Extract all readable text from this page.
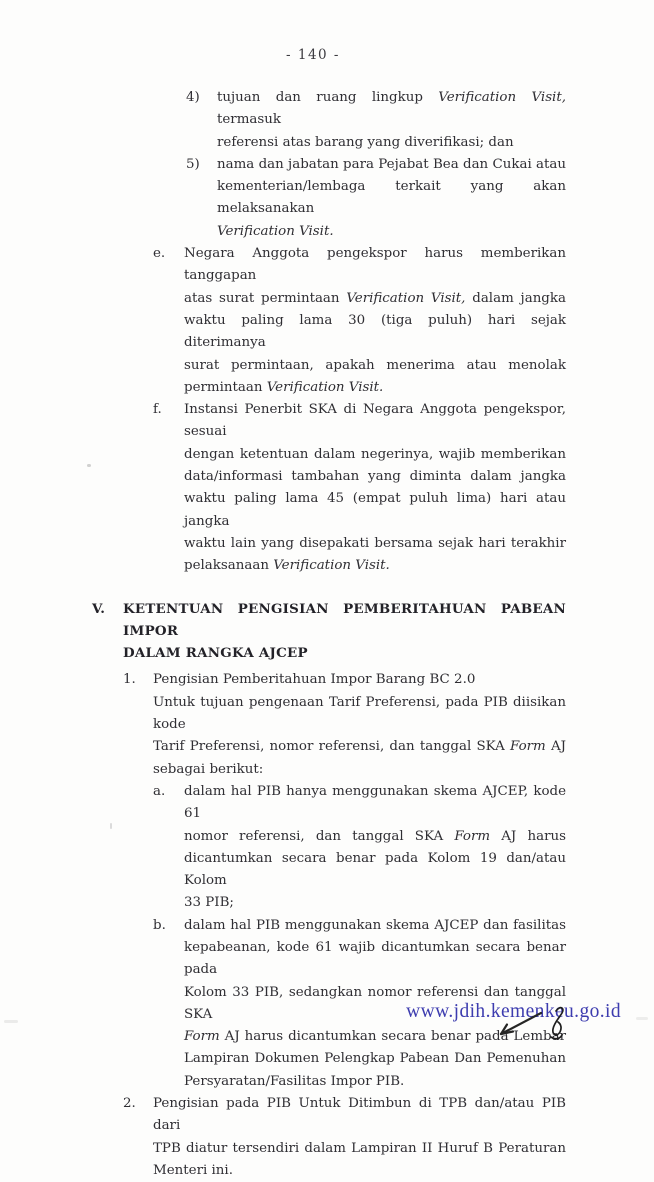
- 140 -
4)	tujuan dan ruang lingkup Verification Visit, termasuk
referensi atas barang yang diverifikasi; dan
5)	nama dan jabatan para Pejabat Bea dan Cukai atau
kementerian/lembaga terkait yang akan melaksanakan
Verification Visit.
e.	Negara Anggota pengekspor harus memberikan tanggapan
atas surat permintaan Verification Visit, dalam jangka
waktu paling lama 30 (tiga puluh) hari sejak diterimanya
surat permintaan, apakah menerima atau menolak
permintaan Verification Visit.
f.	Instansi Penerbit SKA di Negara Anggota pengekspor, sesuai
dengan ketentuan dalam negerinya, wajib memberikan
data/informasi tambahan yang diminta dalam jangka
waktu paling lama 45 (empat puluh lima) hari atau jangka
waktu lain yang disepakati bersama sejak hari terakhir
pelaksanaan Verification Visit.
V.	KETENTUAN PENGISIAN PEMBERITAHUAN PABEAN IMPOR
DALAM RANGKA AJCEP
1.	Pengisian Pemberitahuan Impor Barang BC 2.0
Untuk tujuan pengenaan Tarif Preferensi, pada PIB diisikan kode
Tarif Preferensi, nomor referensi, dan tanggal SKA Form AJ
sebagai berikut:
a.	dalam hal PIB hanya menggunakan skema AJCEP, kode 61
nomor referensi, dan tanggal SKA Form AJ harus
dicantumkan secara benar pada Kolom 19 dan/atau Kolom
33 PIB;
b.	dalam hal PIB menggunakan skema AJCEP dan fasilitas
kepabeanan, kode 61 wajib dicantumkan secara benar pada
Kolom 33 PIB, sedangkan nomor referensi dan tanggal SKA
Form AJ harus dicantumkan secara benar pada Lembar
Lampiran Dokumen Pelengkap Pabean Dan Pemenuhan
Persyaratan/Fasilitas Impor PIB.
2.	Pengisian pada PIB Untuk Ditimbun di TPB dan/atau PIB dari
TPB diatur tersendiri dalam Lampiran II Huruf B Peraturan
Menteri ini.
www.jdih.kemenkeu.go.id
